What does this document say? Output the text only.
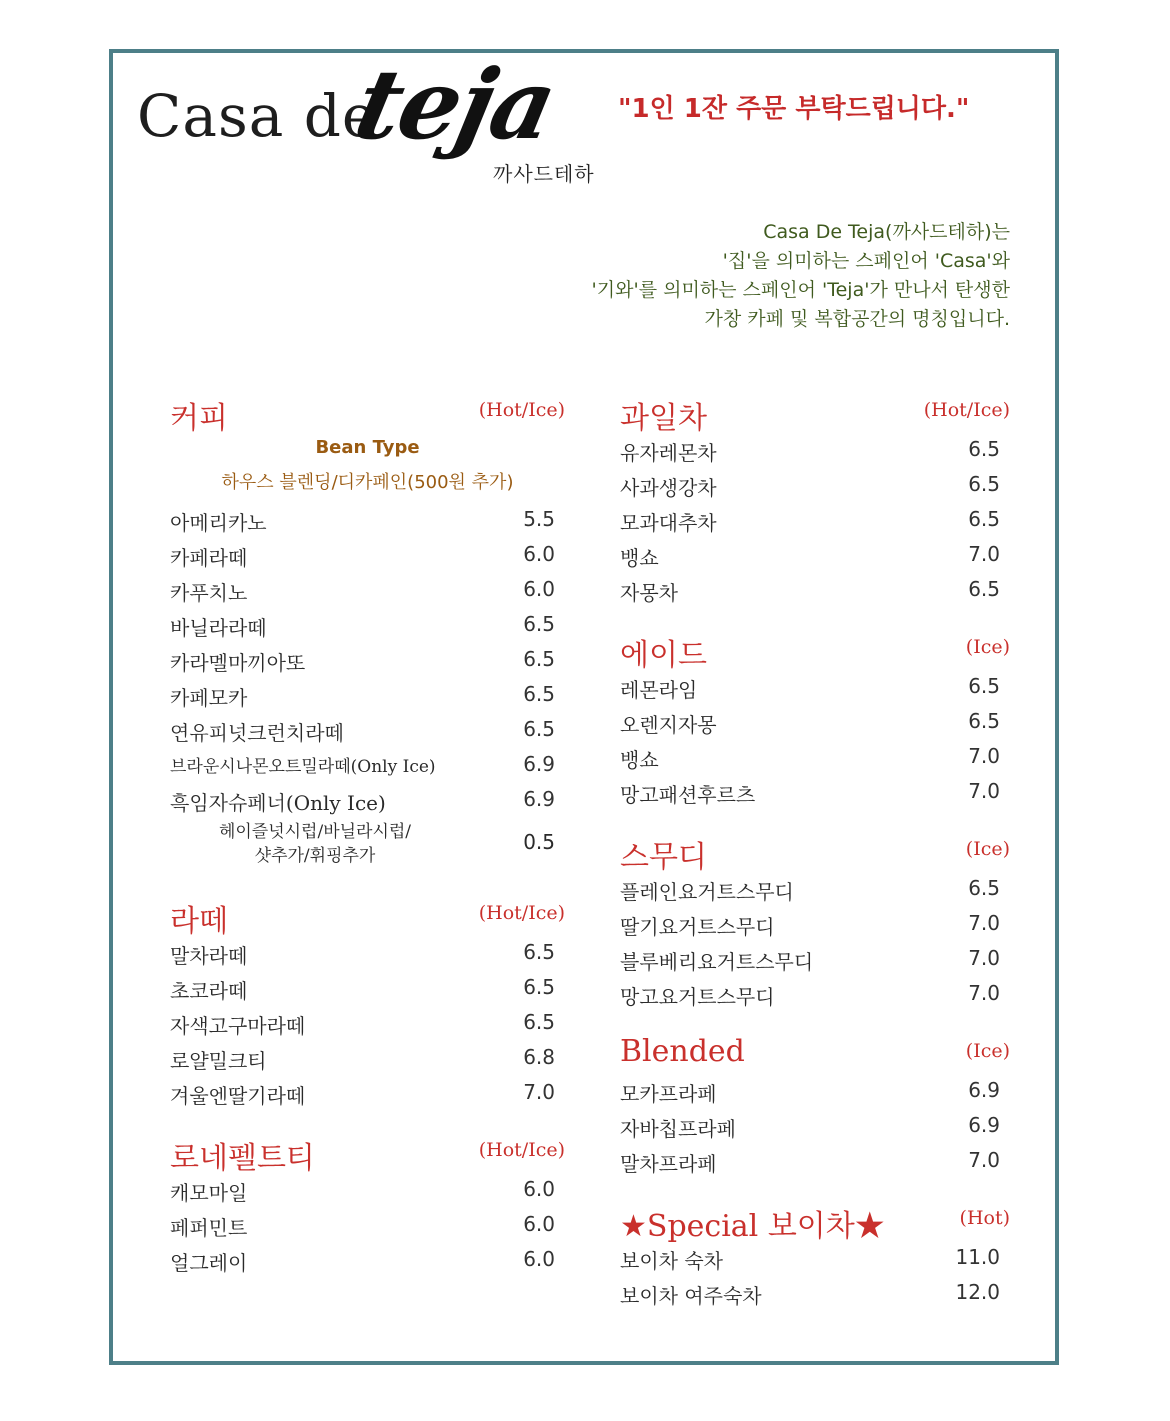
Casa de
teja
까사드테하
"1인 1잔 주문 부탁드립니다."
Casa De Teja(까사드테하)는
'집'을 의미하는 스페인어 'Casa'와
'기와'를 의미하는 스페인어 'Teja'가 만나서 탄생한
가창 카페 및 복합공간의 명칭입니다.
커피	(Hot/Ice)
Bean Type
하우스 블렌딩/디카페인(500원 추가)
아메리카노	5.5
카페라떼	6.0
카푸치노	6.0
바닐라라떼	6.5
카라멜마끼아또	6.5
카페모카	6.5
연유피넛크런치라떼	6.5
브라운시나몬오트밀라떼(Only Ice)	6.9
흑임자슈페너(Only Ice)	6.9
헤이즐넛시럽/바닐라시럽/
샷추가/휘핑추가
0.5
라떼	(Hot/Ice)
말차라떼	6.5
초코라떼	6.5
자색고구마라떼	6.5
로얄밀크티	6.8
겨울엔딸기라떼	7.0
로네펠트티	(Hot/Ice)
캐모마일	6.0
페퍼민트	6.0
얼그레이	6.0
과일차	(Hot/Ice)
유자레몬차	6.5
사과생강차	6.5
모과대추차	6.5
뱅쇼	7.0
자몽차	6.5
에이드	(Ice)
레몬라임	6.5
오렌지자몽	6.5
뱅쇼	7.0
망고패션후르츠	7.0
스무디	(Ice)
플레인요거트스무디	6.5
딸기요거트스무디	7.0
블루베리요거트스무디	7.0
망고요거트스무디	7.0
Blended	(Ice)
모카프라페	6.9
자바칩프라페	6.9
말차프라페	7.0
★Special 보이차★	(Hot)
보이차 숙차	11.0
보이차 여주숙차	12.0
